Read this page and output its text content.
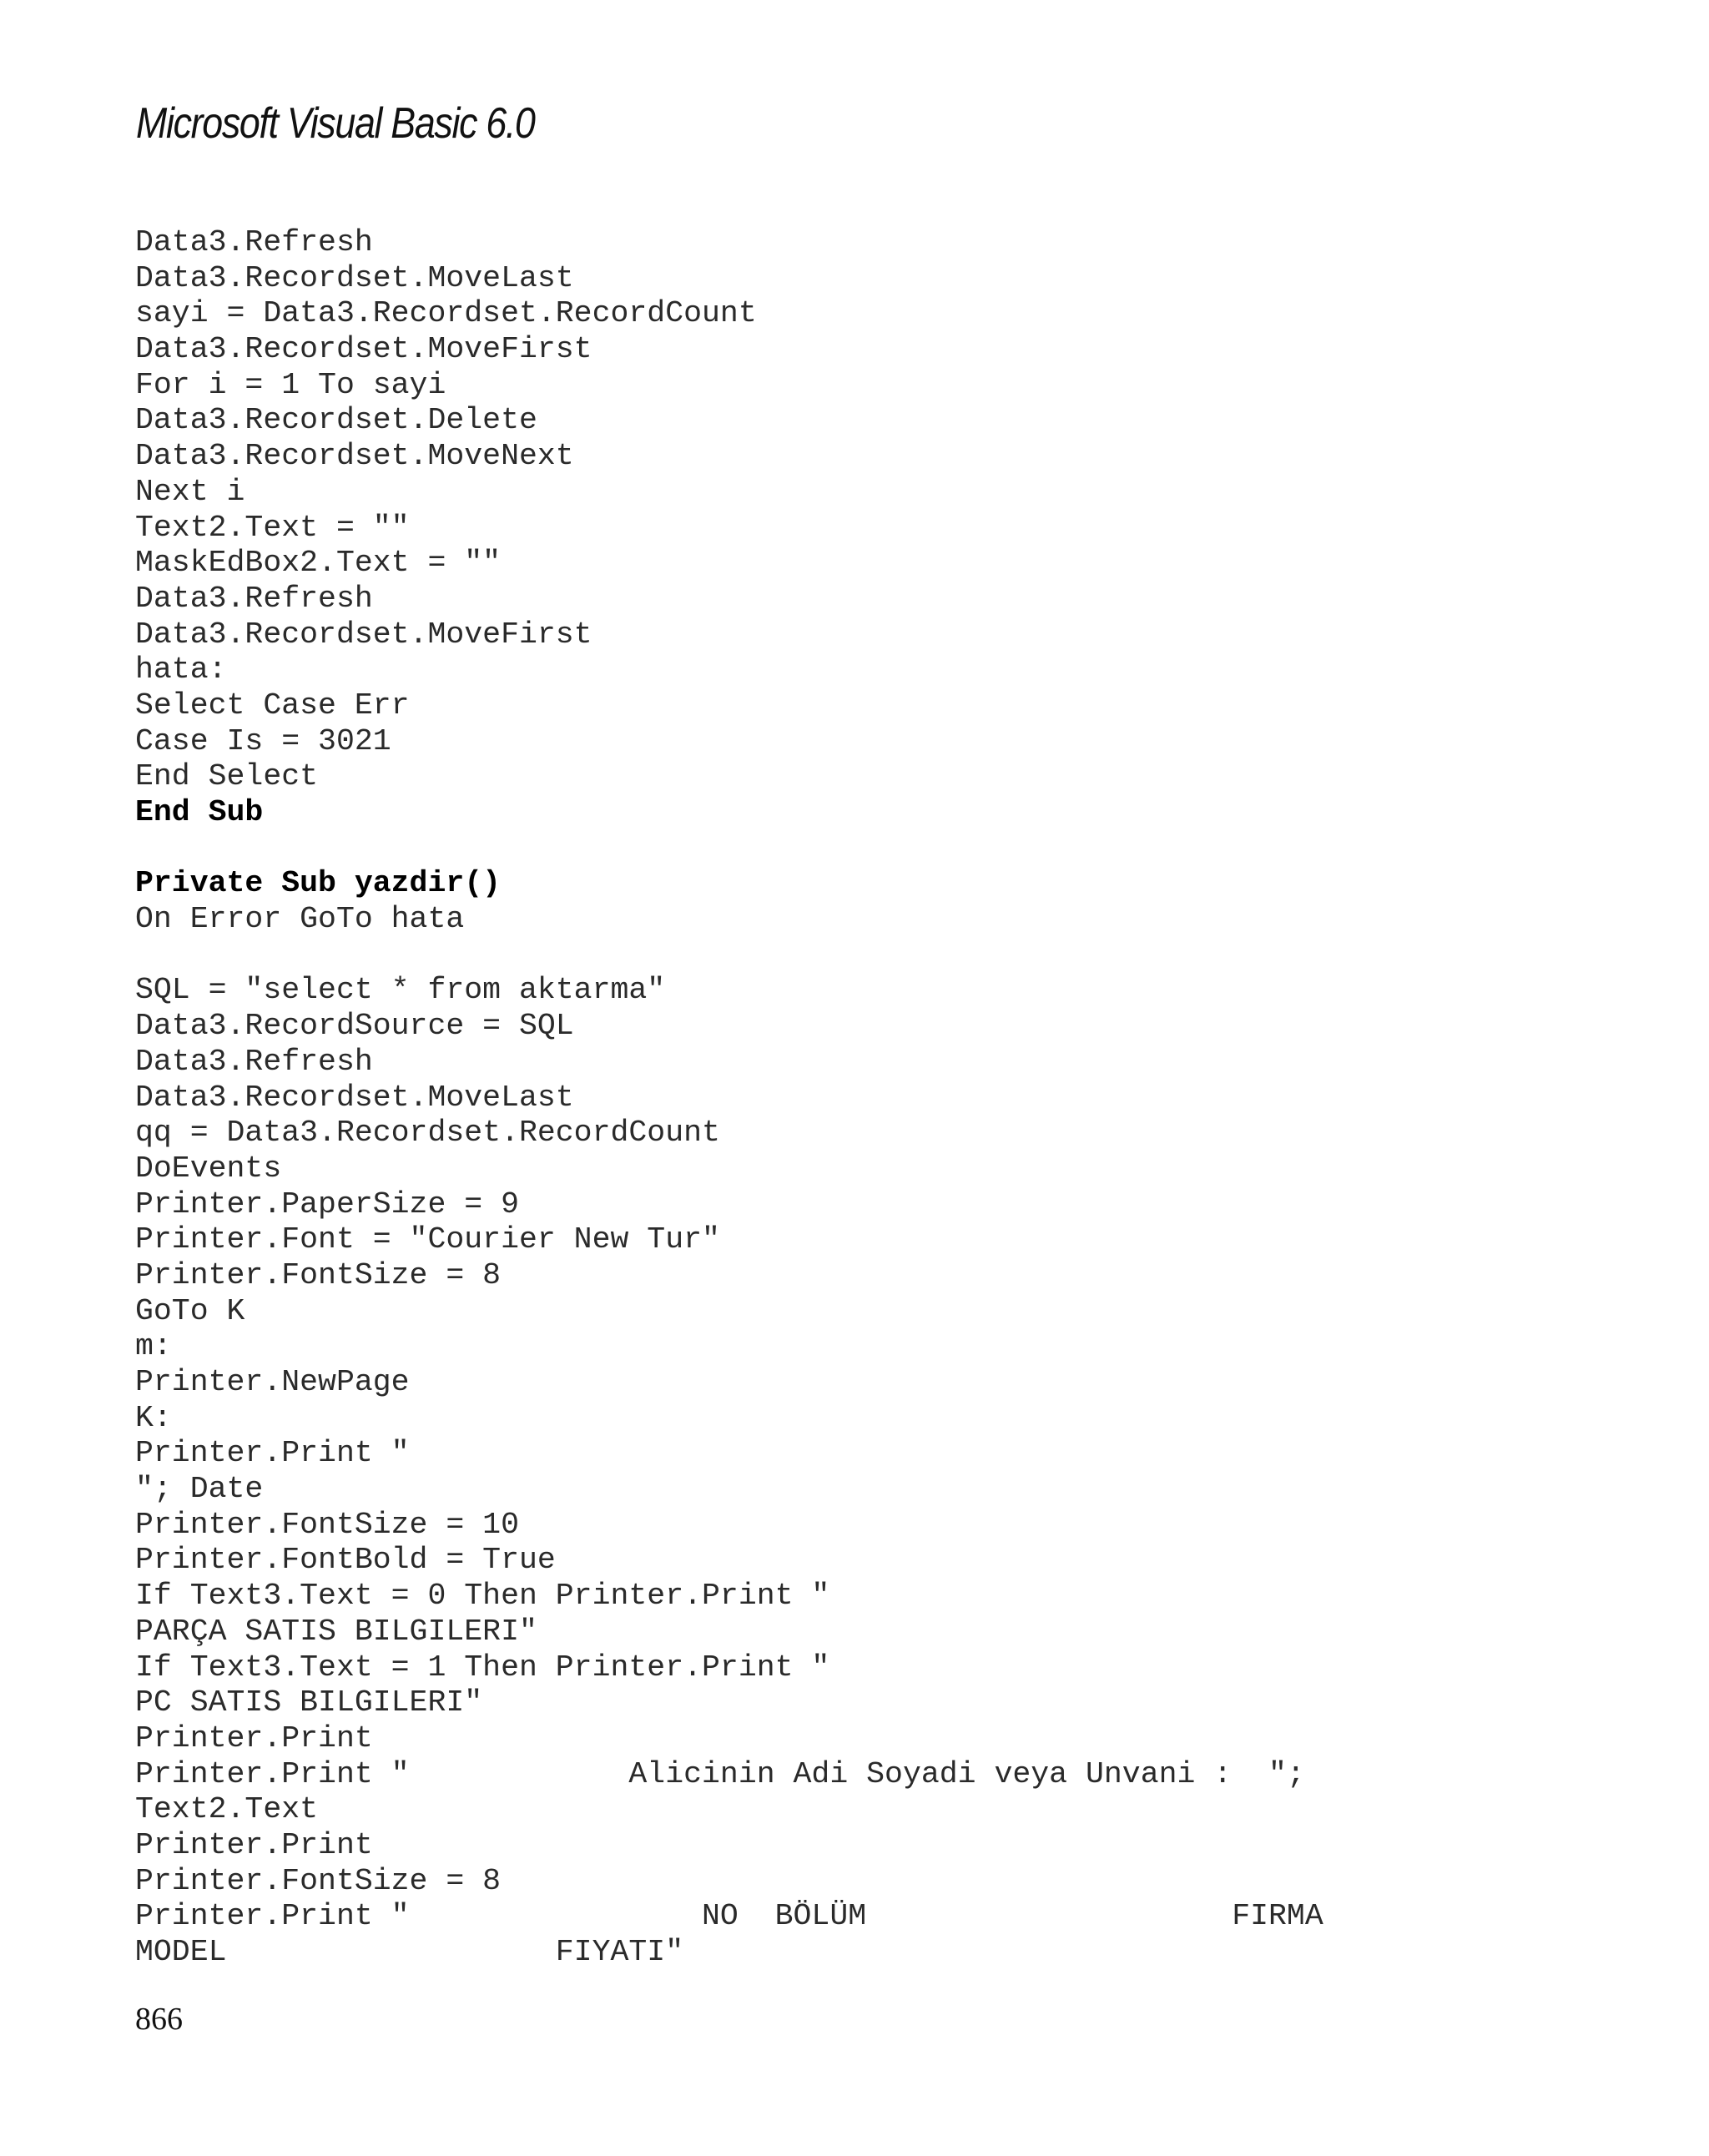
Microsoft Visual Basic 6.0
Data3.Refresh
Data3.Recordset.MoveLast
sayi = Data3.Recordset.RecordCount
Data3.Recordset.MoveFirst
For i = 1 To sayi
Data3.Recordset.Delete
Data3.Recordset.MoveNext
Next i
Text2.Text = ""
MaskEdBox2.Text = ""
Data3.Refresh
Data3.Recordset.MoveFirst
hata:
Select Case Err
Case Is = 3021
End Select
End Sub
Private Sub yazdir()
On Error GoTo hata
SQL = "select * from aktarma"
Data3.RecordSource = SQL
Data3.Refresh
Data3.Recordset.MoveLast
qq = Data3.Recordset.RecordCount
DoEvents
Printer.PaperSize = 9
Printer.Font = "Courier New Tur"
Printer.FontSize = 8
GoTo K
m:
Printer.NewPage
K:
Printer.Print "
"; Date
Printer.FontSize = 10
Printer.FontBold = True
If Text3.Text = 0 Then Printer.Print "
PARÇA SATIS BILGILERI"
If Text3.Text = 1 Then Printer.Print "
PC SATIS BILGILERI"
Printer.Print
Printer.Print "            Alicinin Adi Soyadi veya Unvani :  ";
Text2.Text
Printer.Print
Printer.FontSize = 8
Printer.Print "                NO  BÖLÜM                    FIRMA
MODEL                  FIYATI"
866
